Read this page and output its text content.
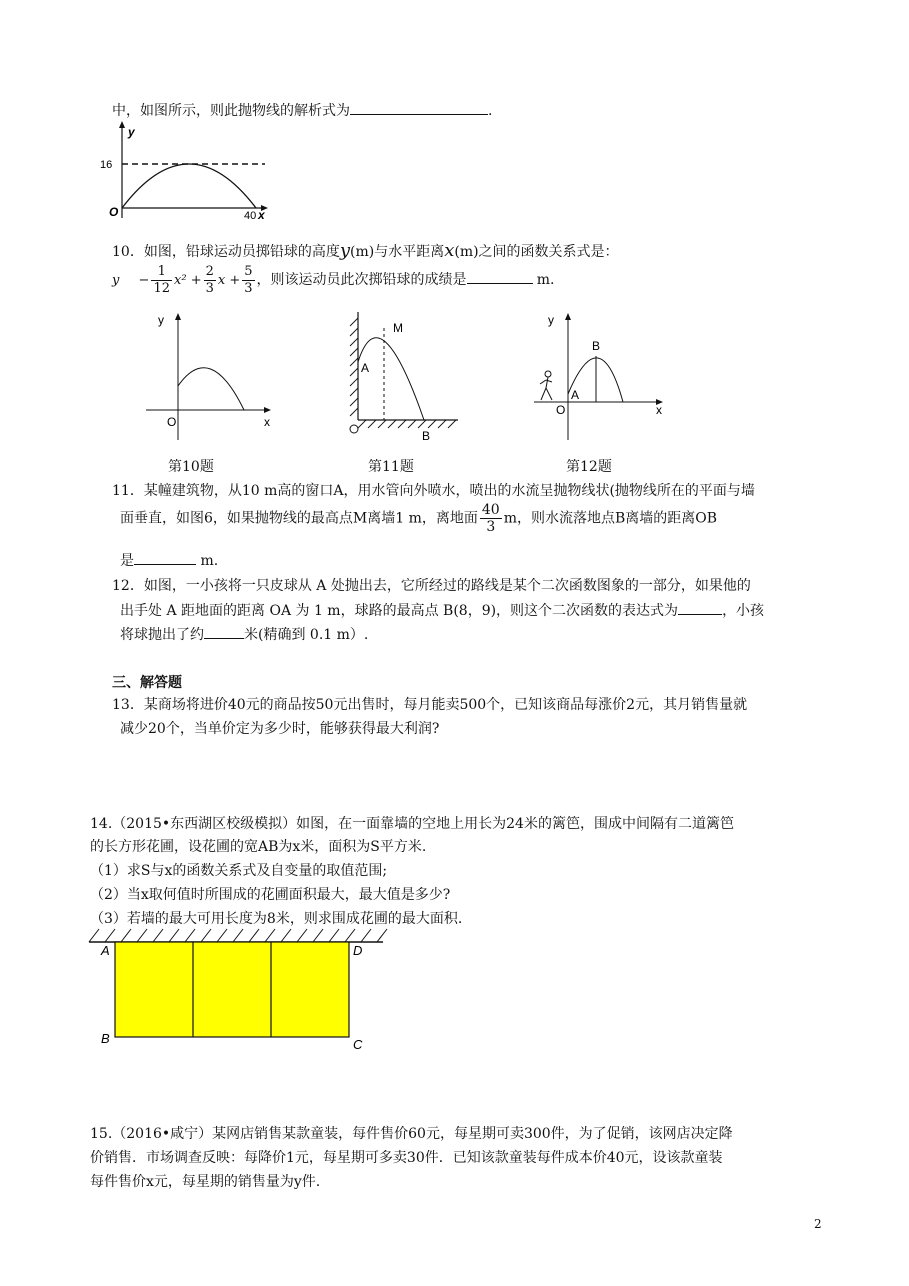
中，如图所示，则此抛物线的解析式为	.
y
16
O	40 x
10．如图，铅球运动员掷铅球的高度y(m)与水平距离x(m)之间的函数关系式是：
y = − $\frac{1}{12} x^2 + \frac{2}{3}$ $x + \frac{5}{3}$ ，则该运动员此次掷铅球的成绩是	m.
y
O	x
第10题
M
A
B
第11题
y
B
A
O	x
第12题
11．某幢建筑物，从10 m高的窗口A，用水管向外喷水，喷出的水流呈抛物线状(抛物线所在的平面与墙
面垂直，如图6，如果抛物线的最高点M离墙1 m，离地面 $\frac{40}{3}$ m，则水流落地点B离墙的距离OB
是	m.
12．如图，一小孩将一只皮球从 A 处抛出去，它所经过的路线是某个二次函数图象的一部分，如果他的
出手处 A 距地面的距离 OA 为 1 m，球路的最高点 B(8，9)，则这个二次函数的表达式为	，小孩
将球抛出了约	米(精确到 0.1 m）.
三、解答题
13．某商场将进价40元的商品按50元出售时，每月能卖500个，已知该商品每涨价2元，其月销售量就
减少20个，当单价定为多少时，能够获得最大利润?
14.（2015•东西湖区校级模拟）如图，在一面靠墙的空地上用长为24米的篱笆，围成中间隔有二道篱笆
的长方形花圃，设花圃的宽AB为x米，面积为S平方米.
（1）求S与x的函数关系式及自变量的取值范围;
（2）当x取何值时所围成的花圃面积最大，最大值是多少?
（3）若墙的最大可用长度为8米，则求围成花圃的最大面积.
A
B	C
D
15.（2016•咸宁）某网店销售某款童装，每件售价60元，每星期可卖300件，为了促销，该网店决定降
价销售．市场调查反映：每降价1元，每星期可多卖30件．已知该款童装每件成本价40元，设该款童装
每件售价x元，每星期的销售量为y件.
2
